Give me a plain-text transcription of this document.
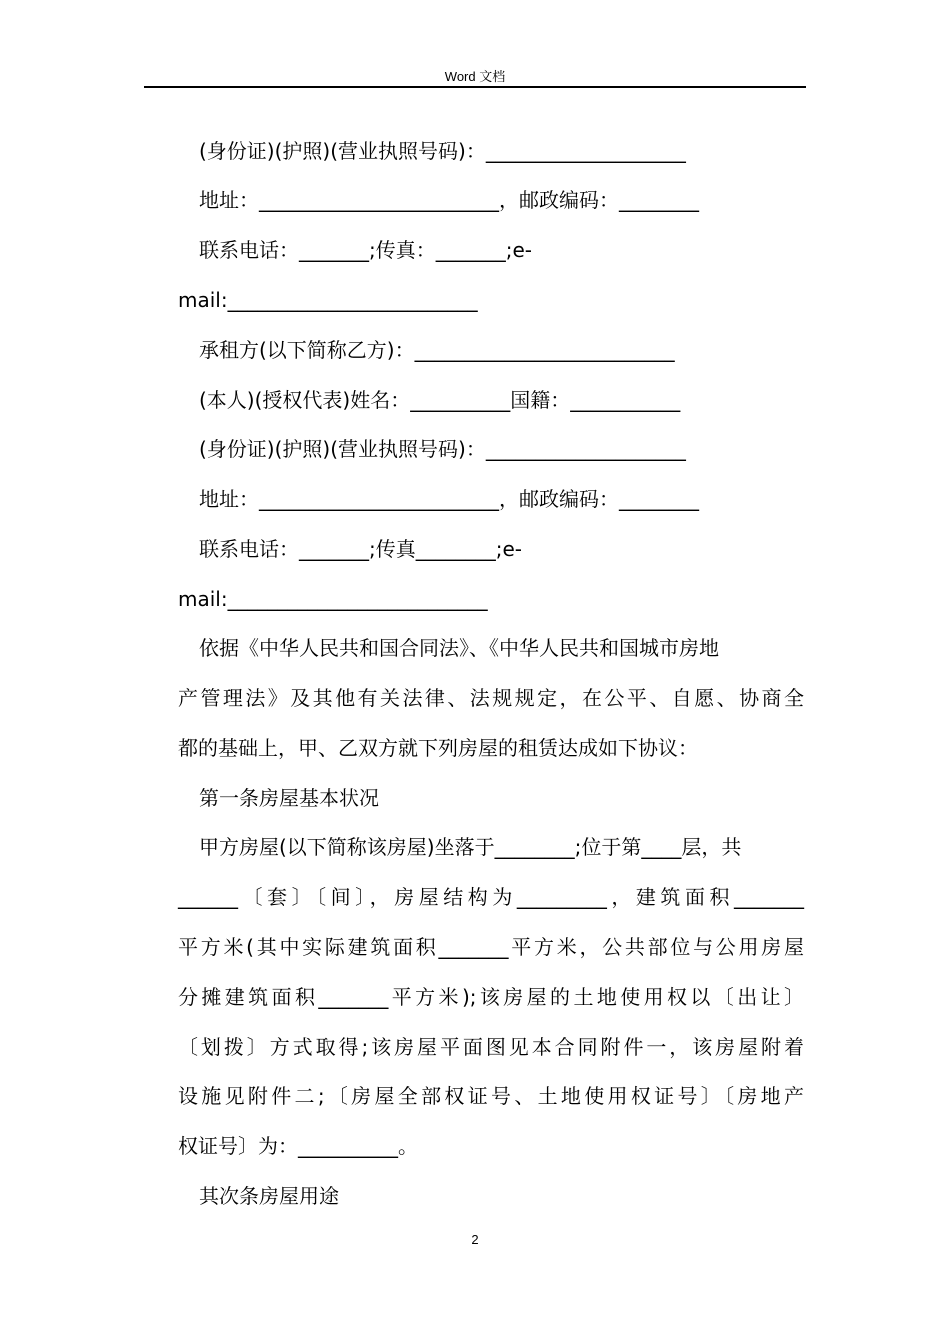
Word 文档
(身份证)(护照)(营业执照号码)：____________________
地址：________________________，邮政编码：________
联系电话：_______;传真：_______;e-
mail:_________________________
承租方(以下简称乙方)：__________________________
(本人)(授权代表)姓名：__________国籍：___________
(身份证)(护照)(营业执照号码)：____________________
地址：________________________，邮政编码：________
联系电话：_______;传真________;e-
mail:__________________________
依据《中华人民共和国合同法》、《中华人民共和国城市房地
产管理法》及其他有关法律、法规规定，在公平、自愿、协商全
都的基础上，甲、乙双方就下列房屋的租赁达成如下协议：
第一条房屋基本状况
甲方房屋(以下简称该房屋)坐落于________;位于第____层，共
______〔套〕〔间〕，房屋结构为_________，建筑面积_______
平方米(其中实际建筑面积_______平方米，公共部位与公用房屋
分摊建筑面积_______平方米);该房屋的土地使用权以〔出让〕
〔划拨〕方式取得;该房屋平面图见本合同附件一，该房屋附着
设施见附件二;〔房屋全部权证号、土地使用权证号〕〔房地产
权证号〕为：__________。
其次条房屋用途
2
